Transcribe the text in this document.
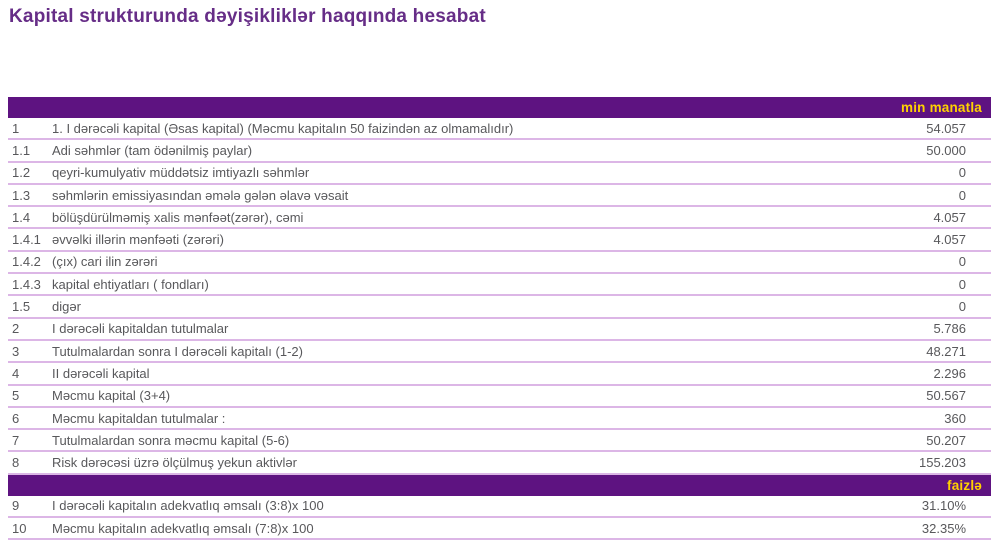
Kapital strukturunda dəyişikliklər haqqında hesabat
min manatla
1	1. I dərəcəli kapital (Əsas kapital) (Məcmu kapitalın 50 faizindən az olmamalıdır)	54.057
1.1	Adi səhmlər (tam ödənilmiş paylar)	50.000
1.2	qeyri-kumulyativ müddətsiz imtiyazlı səhmlər	0
1.3	səhmlərin emissiyasından əmələ gələn əlavə vəsait	0
1.4	bölüşdürülməmiş xalis mənfəət(zərər), cəmi	4.057
1.4.1 əvvəlki illərin mənfəəti (zərəri)	4.057
1.4.2 (çıx) cari ilin zərəri	0
1.4.3 kapital ehtiyatları ( fondları)	0
1.5	digər	0
2	I dərəcəli kapitaldan tutulmalar	5.786
3	Tutulmalardan sonra I dərəcəli kapitalı (1-2)	48.271
4	II dərəcəli kapital	2.296
5	Məcmu kapital (3+4)	50.567
6	Məcmu kapitaldan tutulmalar :	360
7	Tutulmalardan sonra məcmu kapital (5-6)	50.207
8	Risk dərəcəsi üzrə ölçülmuş yekun aktivlər	155.203
faizlə
9	I dərəcəli kapitalın adekvatlıq əmsalı (3:8)x 100	31.10%
10	Məcmu kapitalın adekvatlıq əmsalı (7:8)x 100	32.35%
